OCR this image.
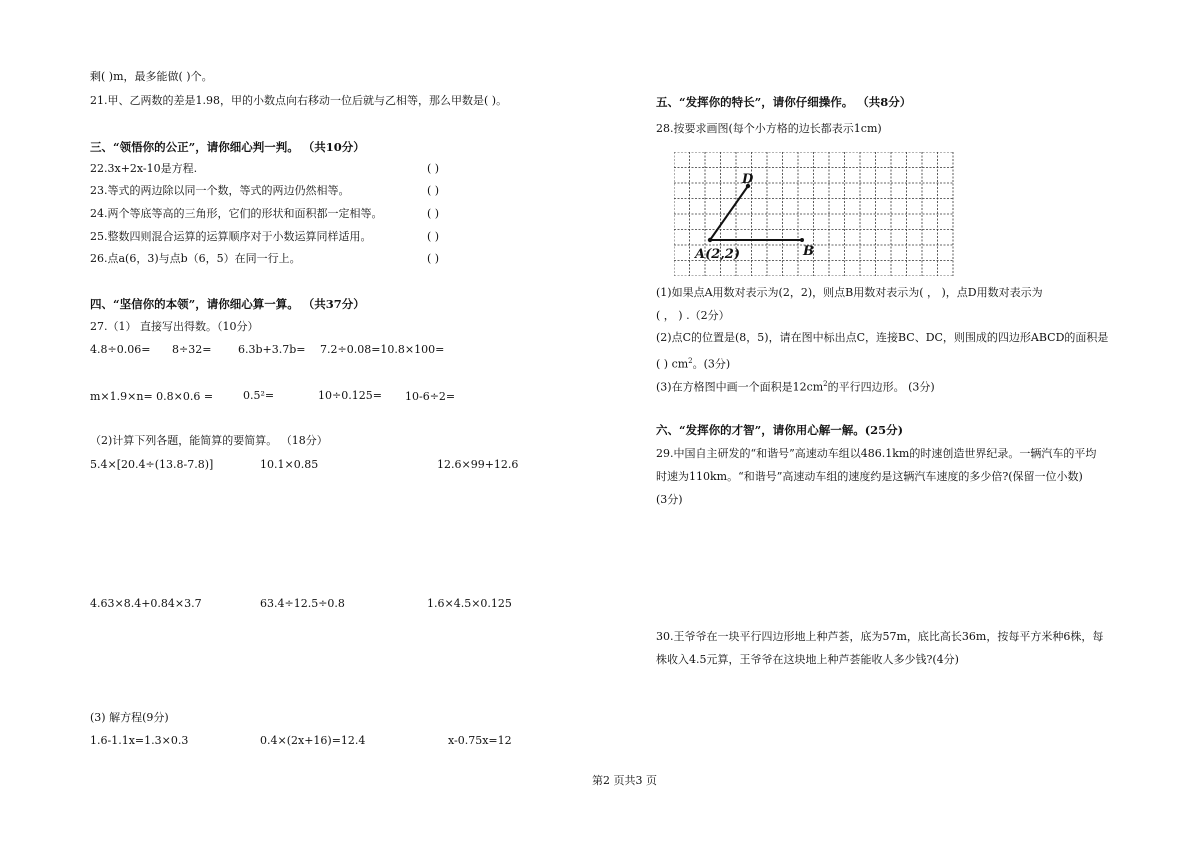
剩( )m，最多能做( )个。
21.甲、乙两数的差是1.98，甲的小数点向右移动一位后就与乙相等，那么甲数是( )。
三、“领悟你的公正”，请你细心判一判。 （共10分）
22.3x+2x-10是方程.	( )
23.等式的两边除以同一个数，等式的两边仍然相等。	( )
24.两个等底等高的三角形，它们的形状和面积都一定相等。	( )
25.整数四则混合运算的运算顺序对于小数运算同样适用。	( )
26.点a(6，3)与点b（6，5）在同一行上。	( )
四、“坚信你的本领”，请你细心算一算。 （共37分）
27.（1） 直接写出得数。（10分）
4.8÷0.06= 8÷32= 6.3b+3.7b= 7.2÷0.08=10.8×100=
m×1.9×n= 0.8×0.6 =	0.5²=	10÷0.125= 10-6÷2=
（2)计算下列各题，能简算的要简算。 （18分）
5.4×[20.4÷(13.8-7.8)]	10.1×0.85	12.6×99+12.6
4.63×8.4+0.84×3.7	63.4÷12.5÷0.8	1.6×4.5×0.125
(3) 解方程(9分)
1.6-1.1x=1.3×0.3	0.4×(2x+16)=12.4	x-0.75x=12
五、“发挥你的特长”，请你仔细操作。 （共8分）
28.按要求画图(每个小方格的边长都表示1cm)
D
A(2,2)	B
(1)如果点A用数对表示为(2，2)，则点B用数对表示为( ， )，点D用数对表示为
( ， ) .（2分）
(2)点C的位置是(8，5)，请在图中标出点C，连接BC、DC，则围成的四边形ABCD的面积是
( ) $cm^2$。(3分)
(3)在方格图中画一个面积是$12cm^2$的平行四边形。 (3分)
六、“发挥你的才智”，请你用心解一解。(25分)
29.中国自主研发的“和谐号”高速动车组以486.1km的时速创造世界纪录。一辆汽车的平均
时速为110km。“和谐号”高速动车组的速度约是这辆汽车速度的多少倍?(保留一位小数)
(3分)
30.王爷爷在一块平行四边形地上种芦荟，底为57m，底比高长36m，按每平方米种6株，每
株收入4.5元算，王爷爷在这块地上种芦荟能收人多少钱?(4分)
第2 页共3 页
